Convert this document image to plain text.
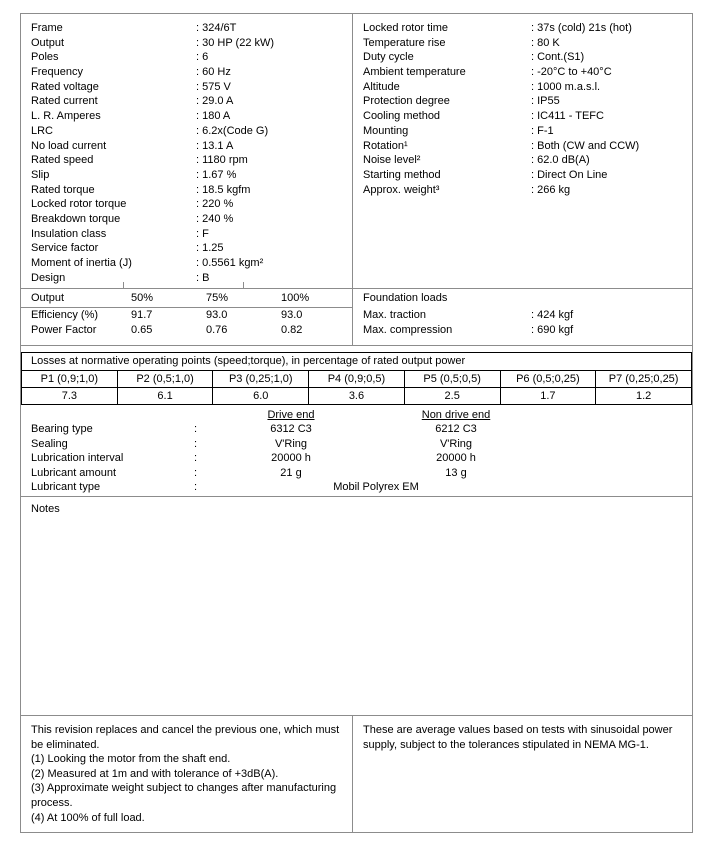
Frame	: 324/6T
Output	: 30 HP (22 kW)
Poles	: 6
Frequency	: 60 Hz
Rated voltage	: 575 V
Rated current	: 29.0 A
L. R. Amperes	: 180 A
LRC	: 6.2x(Code G)
No load current	: 13.1 A
Rated speed	: 1180 rpm
Slip	: 1.67 %
Rated torque	: 18.5 kgfm
Locked rotor torque	: 220 %
Breakdown torque	: 240 %
Insulation class	: F
Service factor	: 1.25
Moment of inertia (J)	: 0.5561 kgm²
Design	: B
Locked rotor time	: 37s (cold) 21s (hot)
Temperature rise	: 80 K
Duty cycle	: Cont.(S1)
Ambient temperature	: -20°C to +40°C
Altitude	: 1000 m.a.s.l.
Protection degree	: IP55
Cooling method	: IC411 - TEFC
Mounting	: F-1
Rotation¹	: Both (CW and CCW)
Noise level²	: 62.0 dB(A)
Starting method	: Direct On Line
Approx. weight³	: 266 kg
Output	50%	75%	100%
Efficiency (%)	91.7	93.0	93.0
Power Factor	0.65	0.76	0.82
Foundation loads
Max. traction	: 424 kgf
Max. compression	: 690 kgf
Losses at normative operating points (speed;torque), in percentage of rated output power						
P1 (0,9;1,0)	P2 (0,5;1,0)	P3 (0,25;1,0)	P4 (0,9;0,5)	P5 (0,5;0,5)	P6 (0,5;0,25)	P7 (0,25;0,25)
7.3	6.1	6.0	3.6	2.5	1.7	1.2
Drive end	Non drive end
Bearing type	:	6312 C3	6212 C3
Sealing	:	V'Ring	V'Ring
Lubrication interval	:	20000 h	20000 h
Lubricant amount	:	21 g	13 g
Lubricant type	:	Mobil Polyrex EM
Notes
This revision replaces and cancel the previous one, which must be eliminated.
(1) Looking the motor from the shaft end.
(2) Measured at 1m and with tolerance of +3dB(A).
(3) Approximate weight subject to changes after manufacturing process.
(4) At 100% of full load.
These are average values based on tests with sinusoidal power supply, subject to the tolerances stipulated in NEMA MG-1.
